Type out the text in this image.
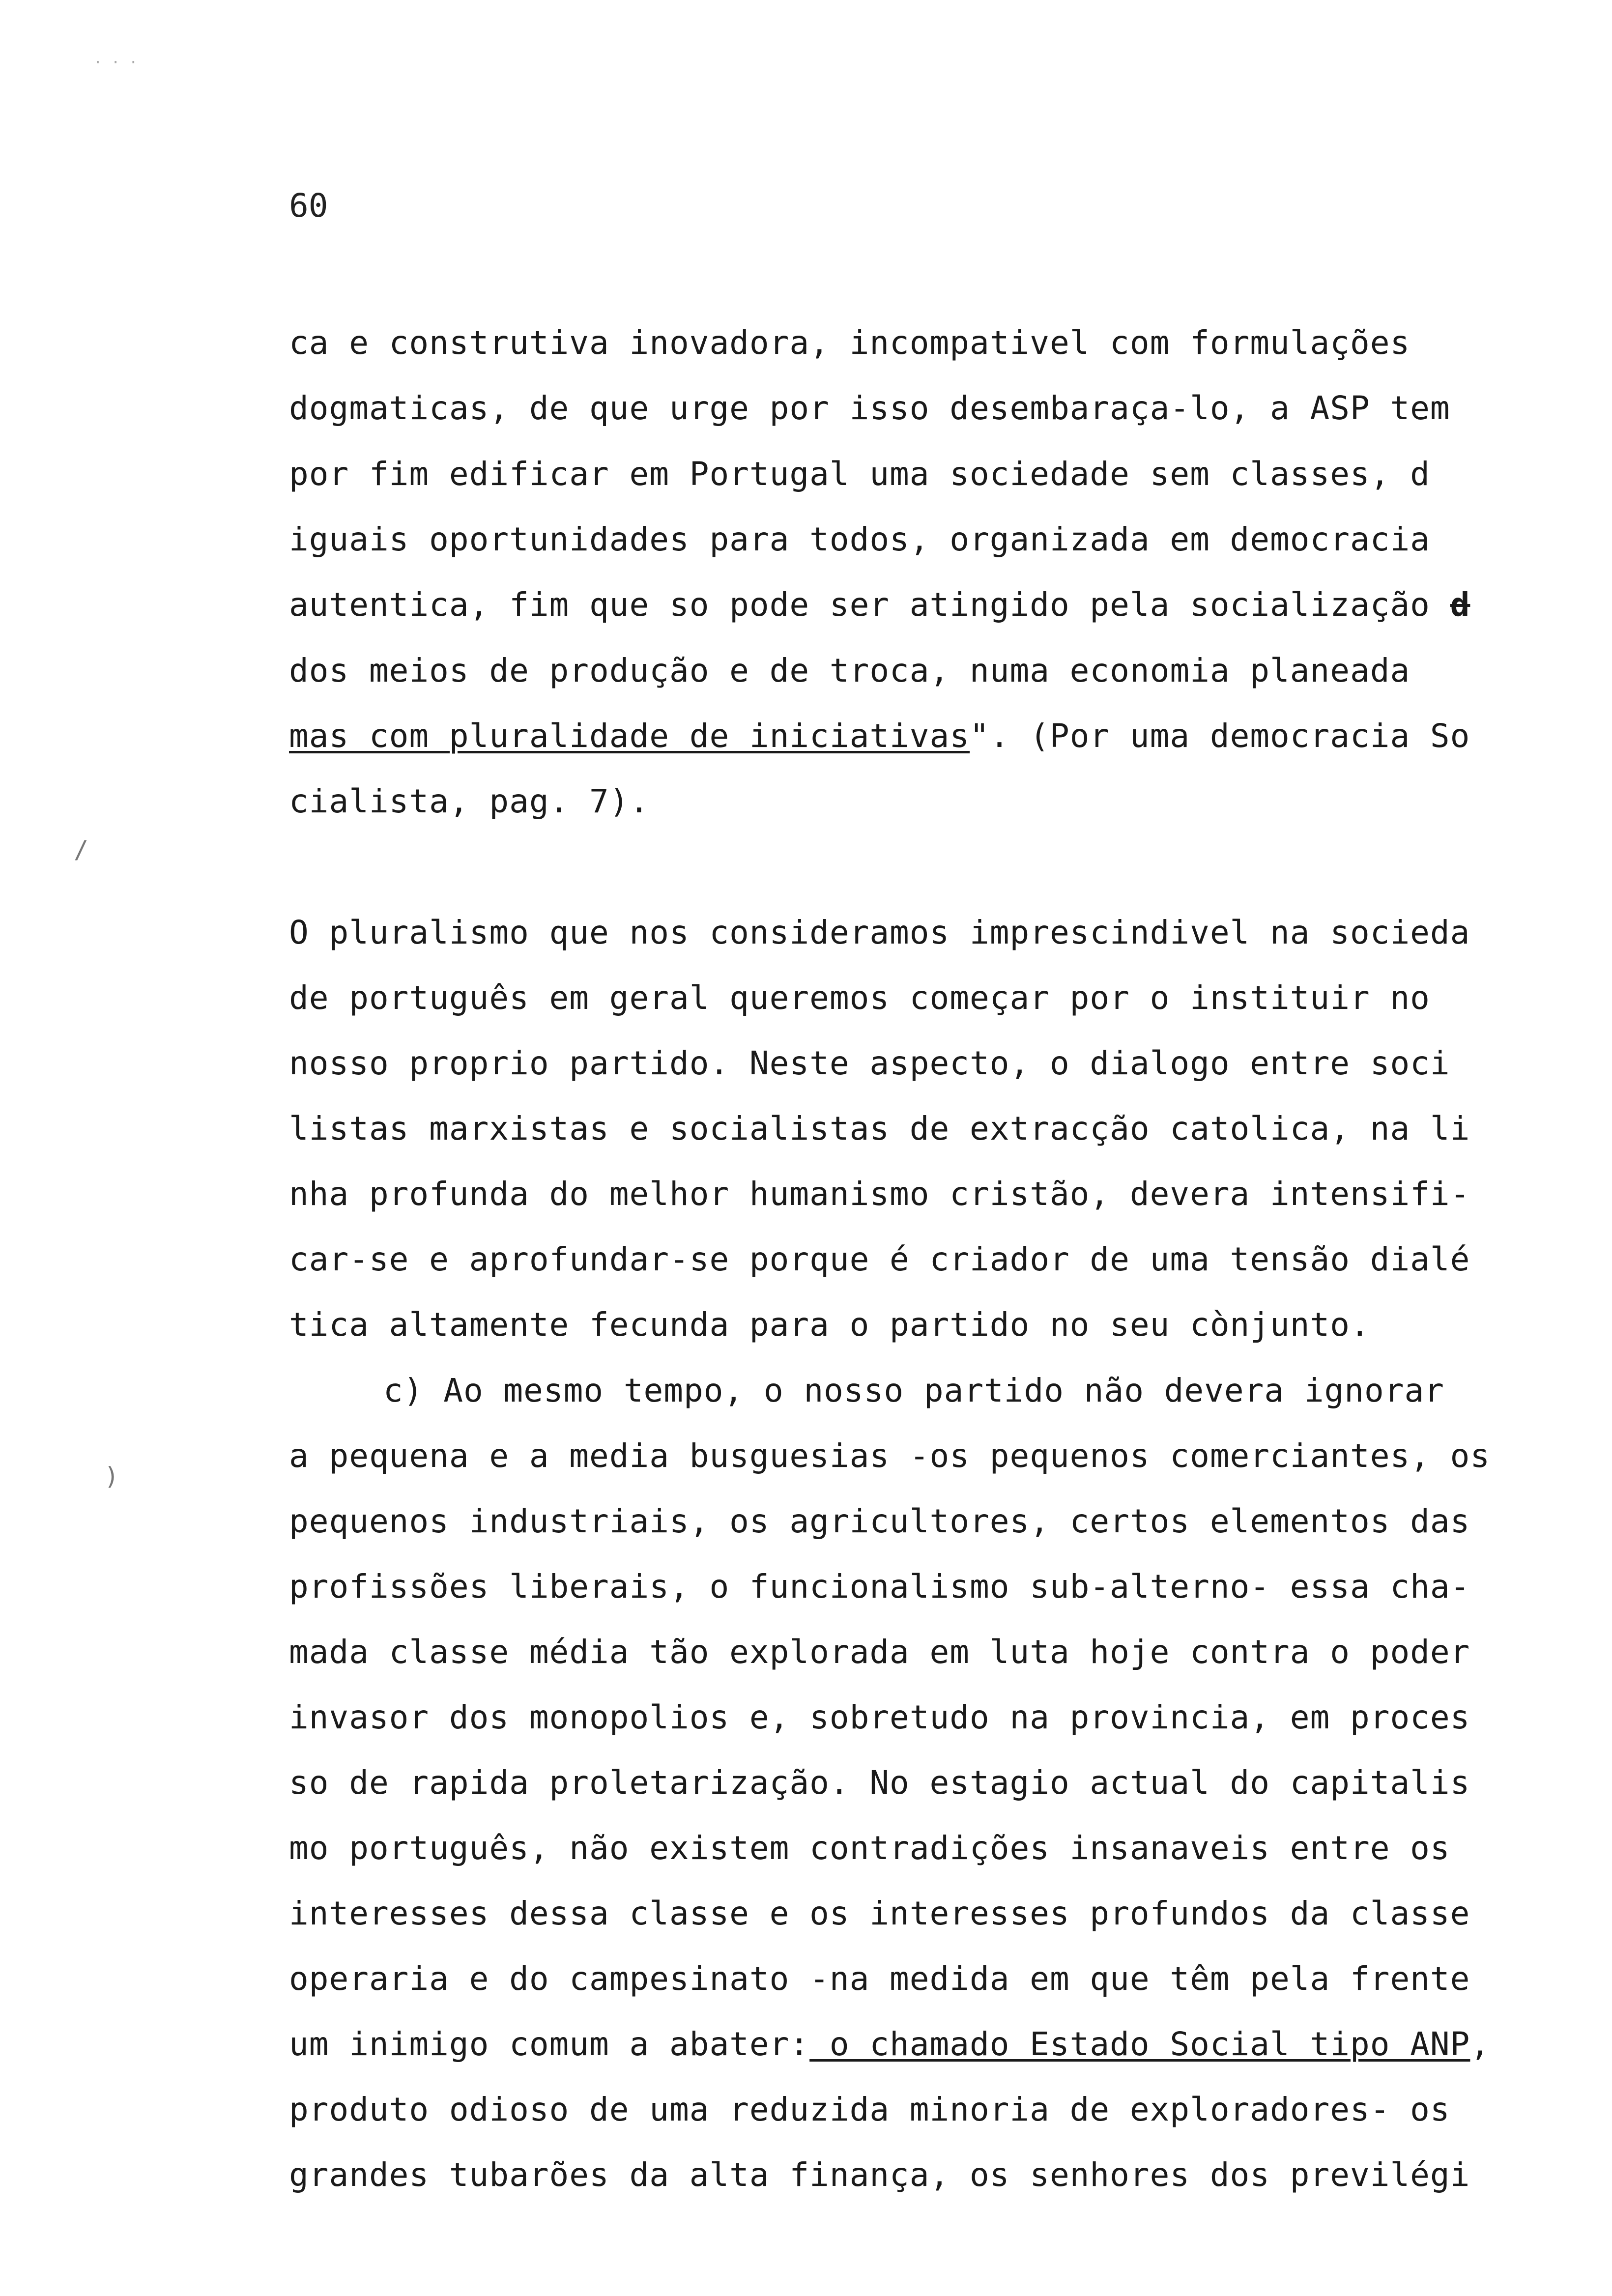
· · ·
60
ca e construtiva inovadora, incompativel com formulações
dogmaticas, de que urge por isso desembaraça-lo, a ASP tem
por fim edificar em Portugal uma sociedade sem classes, d
iguais oportunidades para todos, organizada em democracia
autentica, fim que so pode ser atingido pela socialização d
dos meios de produção e de troca, numa economia planeada
mas com pluralidade de iniciativas". (Por uma democracia So
cialista, pag. 7).
/
O pluralismo que nos consideramos imprescindivel na socieda
de português em geral queremos começar por o instituir no
nosso proprio partido. Neste aspecto, o dialogo entre soci
listas marxistas e socialistas de extracção catolica, na li
nha profunda do melhor humanismo cristão, devera intensifi-
car-se e aprofundar-se porque é criador de uma tensão dialé
tica altamente fecunda para o partido no seu cònjunto.
)
c) Ao mesmo tempo, o nosso partido não devera ignorar
a pequena e a media busguesias -os pequenos comerciantes, os
pequenos industriais, os agricultores, certos elementos das
profissões liberais, o funcionalismo sub-alterno- essa cha-
mada classe média tão explorada em luta hoje contra o poder
invasor dos monopolios e, sobretudo na provincia, em proces
so de rapida proletarização. No estagio actual do capitalis
mo português, não existem contradições insanaveis entre os
interesses dessa classe e os interesses profundos da classe
operaria e do campesinato -na medida em que têm pela frente
um inimigo comum a abater: o chamado Estado Social tipo ANP,
produto odioso de uma reduzida minoria de exploradores- os
grandes tubarões da alta finança, os senhores dos previlégi
